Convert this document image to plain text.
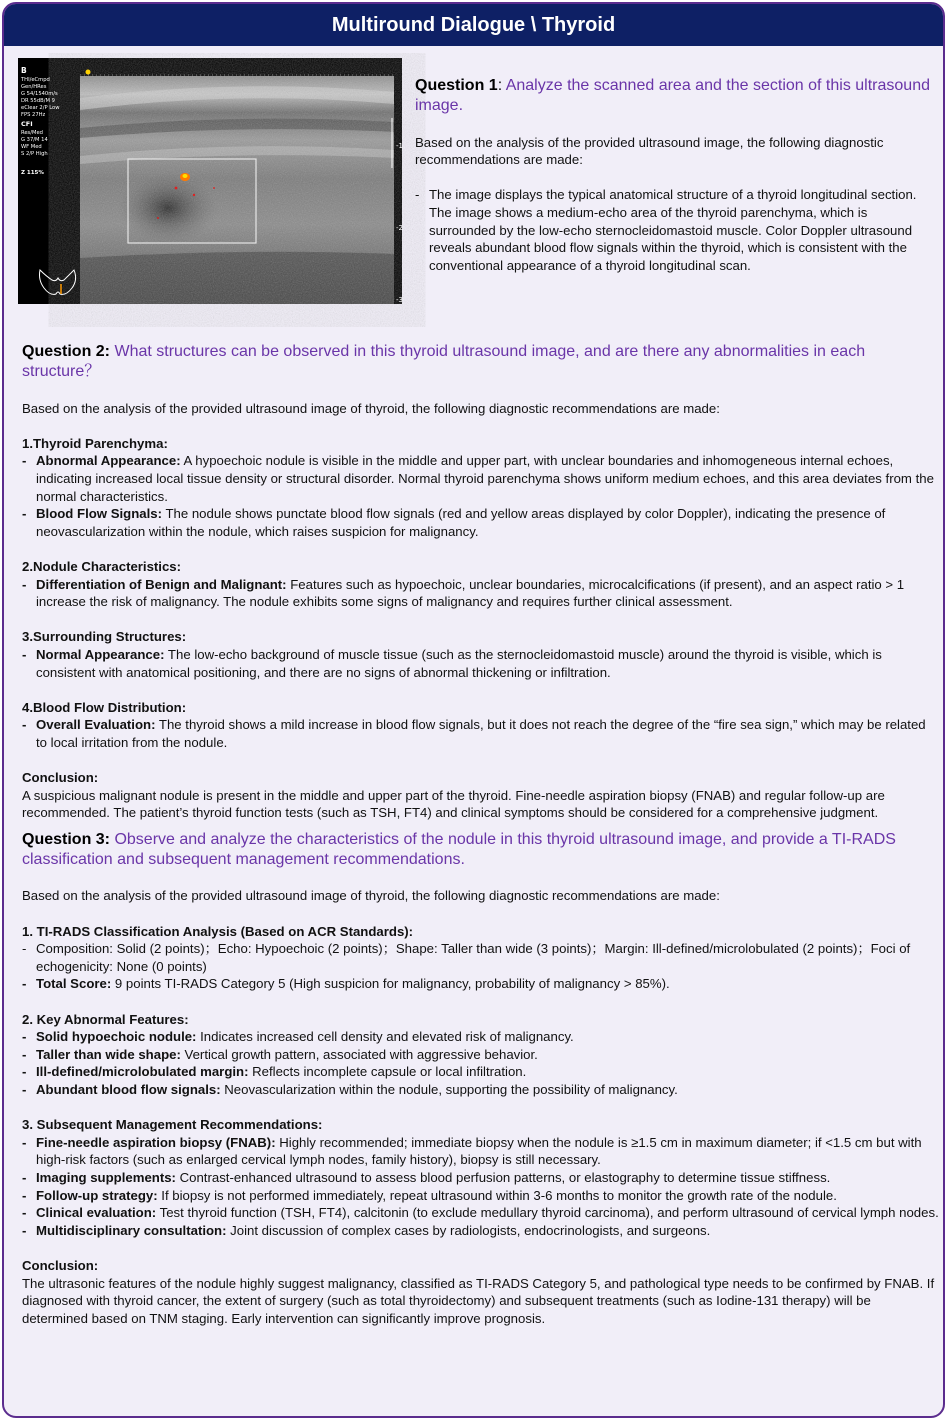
Multiround Dialogue \ Thyroid
-1
-2
-3
B
THI/eCmpd
Gen/HRes
G 54/1540m/s
DR 55dB/M 9
eClear 2/P Low
FPS 27Hz
CFI
Res/Med
G 37/M 14
WF Med
S 2/P High
Z 115%

Question 1: Analyze the scanned area and the section of this ultrasound image.

Based on the analysis of the provided ultrasound image, the following diagnostic recommendations are made:

- The image displays the typical anatomical structure of a thyroid longitudinal section. The image shows a medium-echo area of the thyroid parenchyma, which is surrounded by the low-echo sternocleidomastoid muscle. Color Doppler ultrasound reveals abundant blood flow signals within the thyroid, which is consistent with the conventional appearance of a thyroid longitudinal scan.

Question 2: What structures can be observed in this thyroid ultrasound image, and are there any abnormalities in each structure？

Based on the analysis of the provided ultrasound image of thyroid, the following diagnostic recommendations are made:

1.Thyroid Parenchyma:

- Abnormal Appearance: A hypoechoic nodule is visible in the middle and upper part, with unclear boundaries and inhomogeneous internal echoes, indicating increased local tissue density or structural disorder. Normal thyroid parenchyma shows uniform medium echoes, and this area deviates from the normal characteristics.
- Blood Flow Signals: The nodule shows punctate blood flow signals (red and yellow areas displayed by color Doppler), indicating the presence of neovascularization within the nodule, which raises suspicion for malignancy.

2.Nodule Characteristics:

- Differentiation of Benign and Malignant: Features such as hypoechoic, unclear boundaries, microcalcifications (if present), and an aspect ratio > 1 increase the risk of malignancy. The nodule exhibits some signs of malignancy and requires further clinical assessment.

3.Surrounding Structures:

- Normal Appearance: The low-echo background of muscle tissue (such as the sternocleidomastoid muscle) around the thyroid is visible, which is consistent with anatomical positioning, and there are no signs of abnormal thickening or infiltration.

4.Blood Flow Distribution:

- Overall Evaluation: The thyroid shows a mild increase in blood flow signals, but it does not reach the degree of the “fire sea sign,” which may be related to local irritation from the nodule.

Conclusion:

A suspicious malignant nodule is present in the middle and upper part of the thyroid. Fine-needle aspiration biopsy (FNAB) and regular follow-up are recommended. The patient’s thyroid function tests (such as TSH, FT4) and clinical symptoms should be considered for a comprehensive judgment.

Question 3: Observe and analyze the characteristics of the nodule in this thyroid ultrasound image, and provide a TI-RADS classification and subsequent management recommendations.

Based on the analysis of the provided ultrasound image of thyroid, the following diagnostic recommendations are made:

1. TI-RADS Classification Analysis (Based on ACR Standards):

- Composition: Solid (2 points)；Echo: Hypoechoic (2 points)；Shape: Taller than wide (3 points)；Margin: Ill-defined/microlobulated (2 points)；Foci of echogenicity: None (0 points)
- Total Score: 9 points TI-RADS Category 5 (High suspicion for malignancy, probability of malignancy > 85%).

2. Key Abnormal Features:

- Solid hypoechoic nodule: Indicates increased cell density and elevated risk of malignancy.
- Taller than wide shape: Vertical growth pattern, associated with aggressive behavior.
- Ill-defined/microlobulated margin: Reflects incomplete capsule or local infiltration.
- Abundant blood flow signals: Neovascularization within the nodule, supporting the possibility of malignancy.

3. Subsequent Management Recommendations:

- Fine-needle aspiration biopsy (FNAB): Highly recommended; immediate biopsy when the nodule is ≥1.5 cm in maximum diameter; if <1.5 cm but with high-risk factors (such as enlarged cervical lymph nodes, family history), biopsy is still necessary.
- Imaging supplements: Contrast-enhanced ultrasound to assess blood perfusion patterns, or elastography to determine tissue stiffness.
- Follow-up strategy: If biopsy is not performed immediately, repeat ultrasound within 3-6 months to monitor the growth rate of the nodule.
- Clinical evaluation: Test thyroid function (TSH, FT4), calcitonin (to exclude medullary thyroid carcinoma), and perform ultrasound of cervical lymph nodes.
- Multidisciplinary consultation: Joint discussion of complex cases by radiologists, endocrinologists, and surgeons.

Conclusion:

The ultrasonic features of the nodule highly suggest malignancy, classified as TI-RADS Category 5, and pathological type needs to be confirmed by FNAB. If diagnosed with thyroid cancer, the extent of surgery (such as total thyroidectomy) and subsequent treatments (such as Iodine-131 therapy) will be determined based on TNM staging. Early intervention can significantly improve prognosis.
